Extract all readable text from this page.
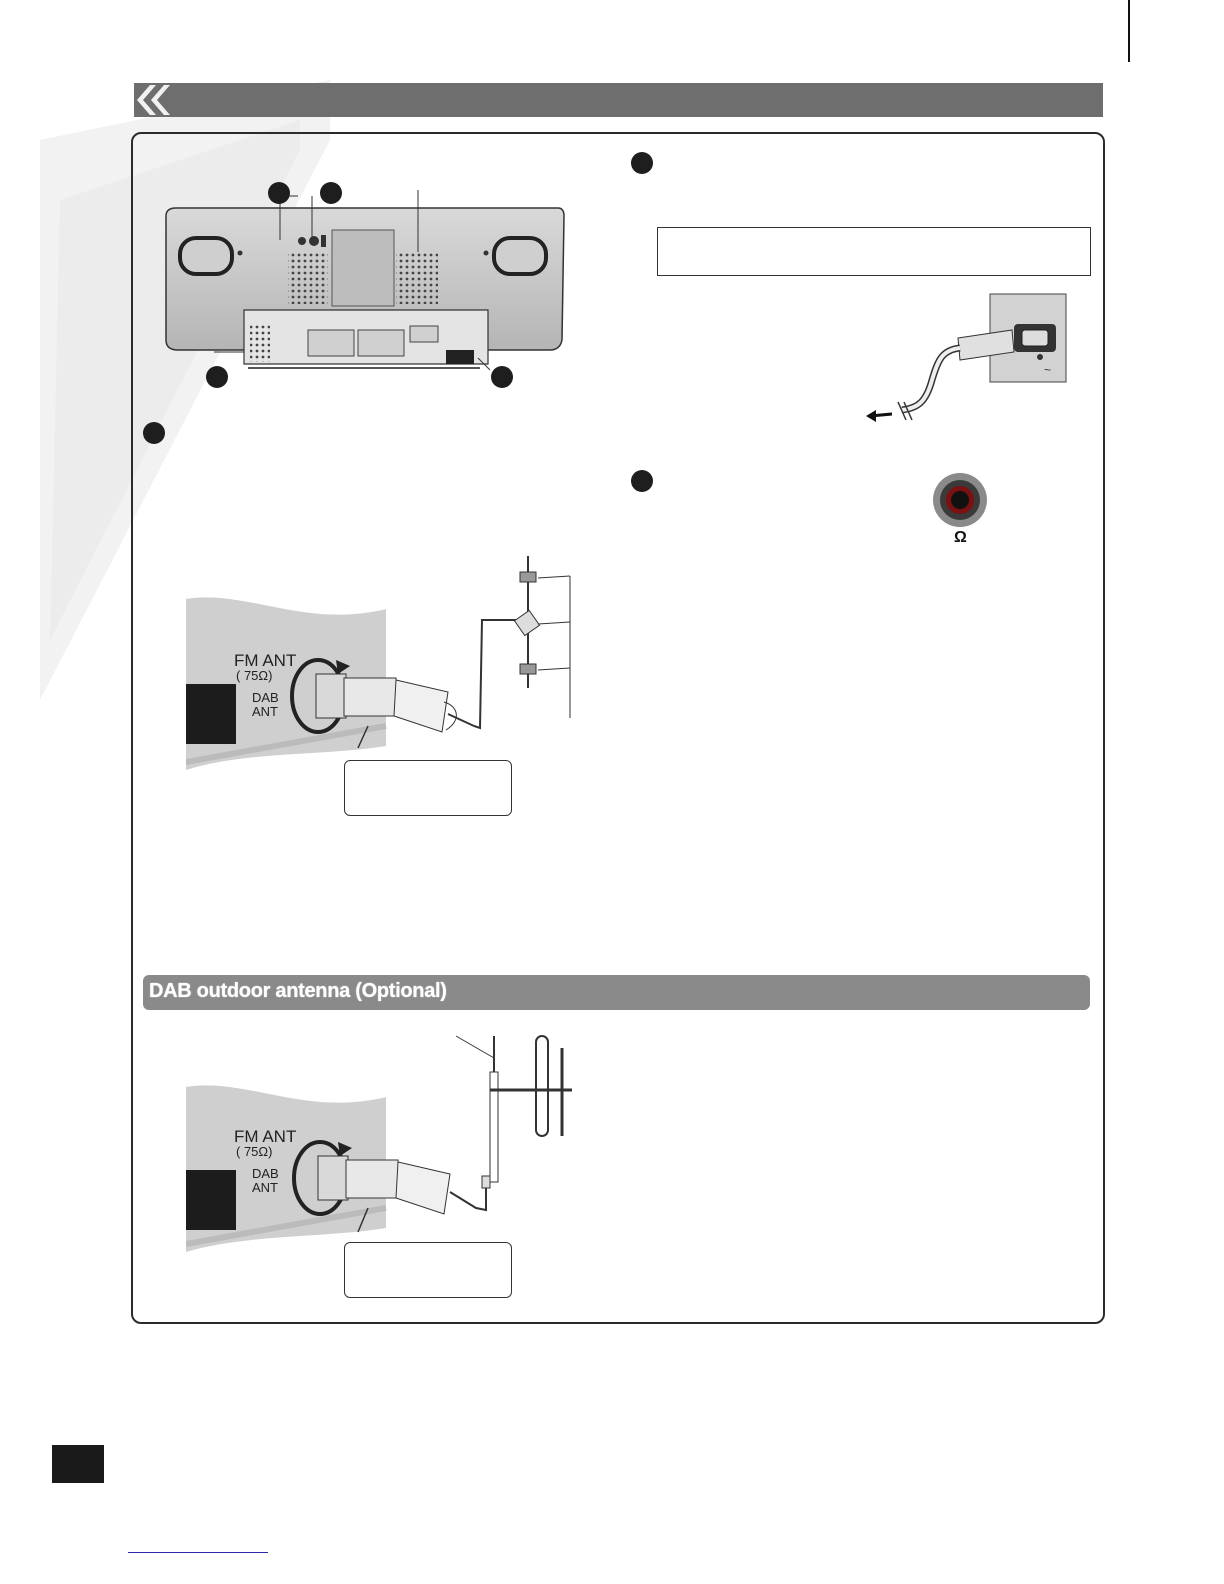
~
Ω
FM ANT
( 75Ω)
DAB
ANT
DAB outdoor antenna (Optional)
FM ANT
( 75Ω)
DAB
ANT
